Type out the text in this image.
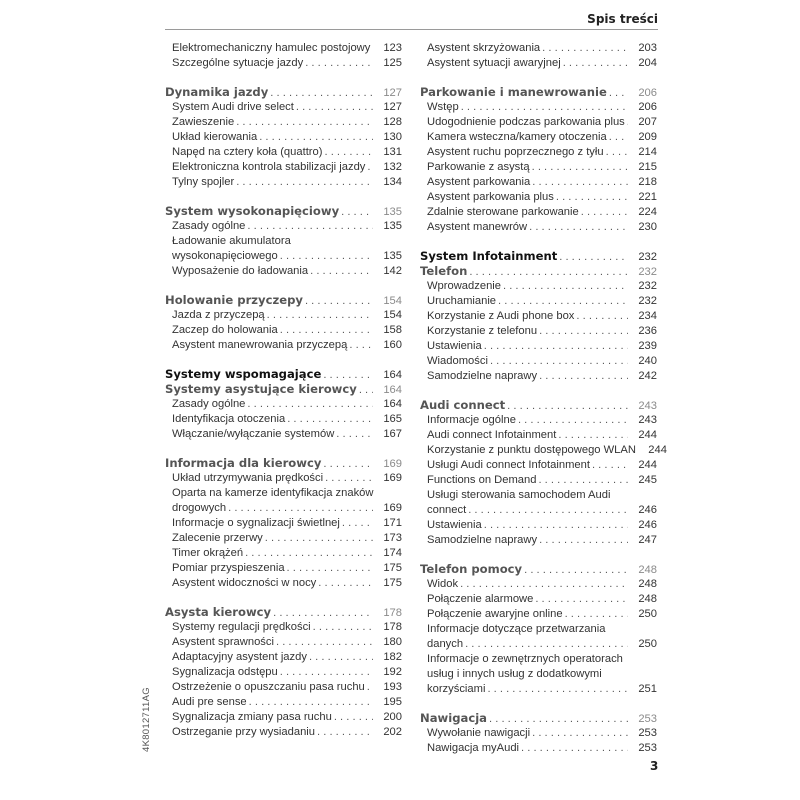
Spis treści
Elektromechaniczny hamulec postojowy . . .	123
Szczególne sytuacje jazdy . . .	125
Dynamika jazdy . . .	127
System Audi drive select . . .	127
Zawieszenie . . .	128
Układ kierowania . . .	130
Napęd na cztery koła (quattro) . . .	131
Elektroniczna kontrola stabilizacji jazdy . . .	132
Tylny spojler . . .	134
System wysokonapięciowy . . .	135
Zasady ogólne . . .	135
Ładowanie akumulatora
wysokonapięciowego . . .	135
Wyposażenie do ładowania . . .	142
Holowanie przyczepy . . .	154
Jazda z przyczepą . . .	154
Zaczep do holowania . . .	158
Asystent manewrowania przyczepą . . .	160
Systemy wspomagające . . .	164
Systemy asystujące kierowcy . . .	164
Zasady ogólne . . .	164
Identyfikacja otoczenia . . .	165
Włączanie/wyłączanie systemów . . .	167
Informacja dla kierowcy . . .	169
Układ utrzymywania prędkości . . .	169
Oparta na kamerze identyfikacja znaków
drogowych . . .	169
Informacje o sygnalizacji świetlnej . . .	171
Zalecenie przerwy . . .	173
Timer okrążeń . . .	174
Pomiar przyspieszenia . . .	175
Asystent widoczności w nocy . . .	175
Asysta kierowcy . . .	178
Systemy regulacji prędkości . . .	178
Asystent sprawności . . .	180
Adaptacyjny asystent jazdy . . .	182
Sygnalizacja odstępu . . .	192
Ostrzeżenie o opuszczaniu pasa ruchu . . .	193
Audi pre sense . . .	195
Sygnalizacja zmiany pasa ruchu . . .	200
Ostrzeganie przy wysiadaniu . . .	202
Asystent skrzyżowania . . .	203
Asystent sytuacji awaryjnej . . .	204
Parkowanie i manewrowanie . . .	206
Wstęp . . .	206
Udogodnienie podczas parkowania plus . . .	207
Kamera wsteczna/kamery otoczenia . . .	209
Asystent ruchu poprzecznego z tyłu . . .	214
Parkowanie z asystą . . .	215
Asystent parkowania . . .	218
Asystent parkowania plus . . .	221
Zdalnie sterowane parkowanie . . .	224
Asystent manewrów . . .	230
System Infotainment . . .	232
Telefon . . .	232
Wprowadzenie . . .	232
Uruchamianie . . .	232
Korzystanie z Audi phone box . . .	234
Korzystanie z telefonu . . .	236
Ustawienia . . .	239
Wiadomości . . .	240
Samodzielne naprawy . . .	242
Audi connect . . .	243
Informacje ogólne . . .	243
Audi connect Infotainment . . .	244
Korzystanie z punktu dostępowego WLAN	244
Usługi Audi connect Infotainment . . .	244
Functions on Demand . . .	245
Usługi sterowania samochodem Audi
connect . . .	246
Ustawienia . . .	246
Samodzielne naprawy . . .	247
Telefon pomocy . . .	248
Widok . . .	248
Połączenie alarmowe . . .	248
Połączenie awaryjne online . . .	250
Informacje dotyczące przetwarzania
danych . . .	250
Informacje o zewnętrznych operatorach
usług i innych usług z dodatkowymi
korzyściami . . .	251
Nawigacja . . .	253
Wywołanie nawigacji . . .	253
Nawigacja myAudi . . .	253
4K8012711AG
3
